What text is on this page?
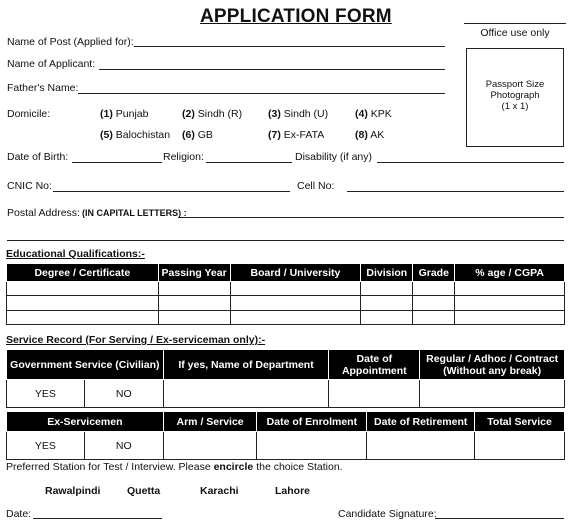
APPLICATION FORM
Office use only
Passport Size
Photograph
(1 x 1)
Name of Post (Applied for):
Name of Applicant:
Father's Name:
Domicile:	(1) Punjab	(2) Sindh (R) (3) Sindh (U)	(4) KPK
(5) Balochistan (6) GB	(7) Ex-FATA	(8) AK
Date of Birth:	Religion:	Disability (if any)
CNIC No:	Cell No:
Postal Address: (IN CAPITAL LETTERS) :
Educational Qualifications:-
Degree / Certificate	Passing Year	Board / University	Division	Grade	% age / CGPA

Service Record (For Serving / Ex-serviceman only):-
Government Service (Civilian)		If yes, Name of Department	Date of Appointment	Regular / Adhoc / Contract (Without any break)
YES	NO			
Ex-Servicemen		Arm / Service	Date of Enrolment	Date of Retirement	Total Service
YES	NO				
Preferred Station for Test / Interview. Please encircle the choice Station.
Rawalpindi	Quetta	Karachi	Lahore
Date:	Candidate Signature:
